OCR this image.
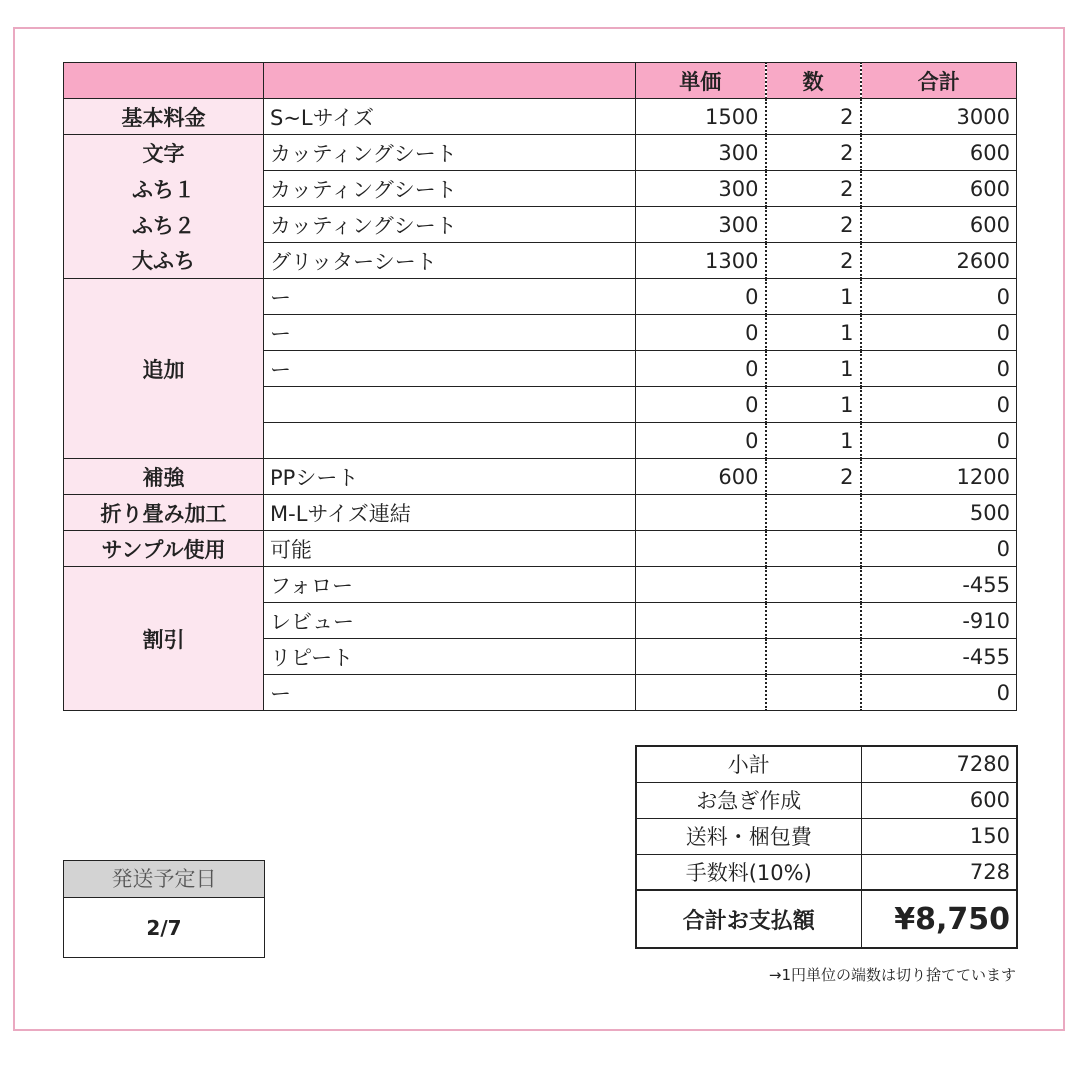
		単価	数	合計
基本料金	S~Lサイズ	1500	2	3000
文字	カッティングシート	300	2	600
ふち１	カッティングシート	300	2	600
ふち２	カッティングシート	300	2	600
大ふち	グリッターシート	1300	2	2600
追加	ー	0	1	0
	ー	0	1	0
	ー	0	1	0
		0	1	0
		0	1	0
補強	PPシート	600	2	1200
折り畳み加工	M-Lサイズ連結			500
サンプル使用	可能			0
割引	フォロー			-455
	レビュー			-910
	リピート			-455
	ー			0
小計	7280
お急ぎ作成	600
送料・梱包費	150
手数料(10%)	728
合計お支払額	¥8,750
→1円単位の端数は切り捨てています
発送予定日
2/7
